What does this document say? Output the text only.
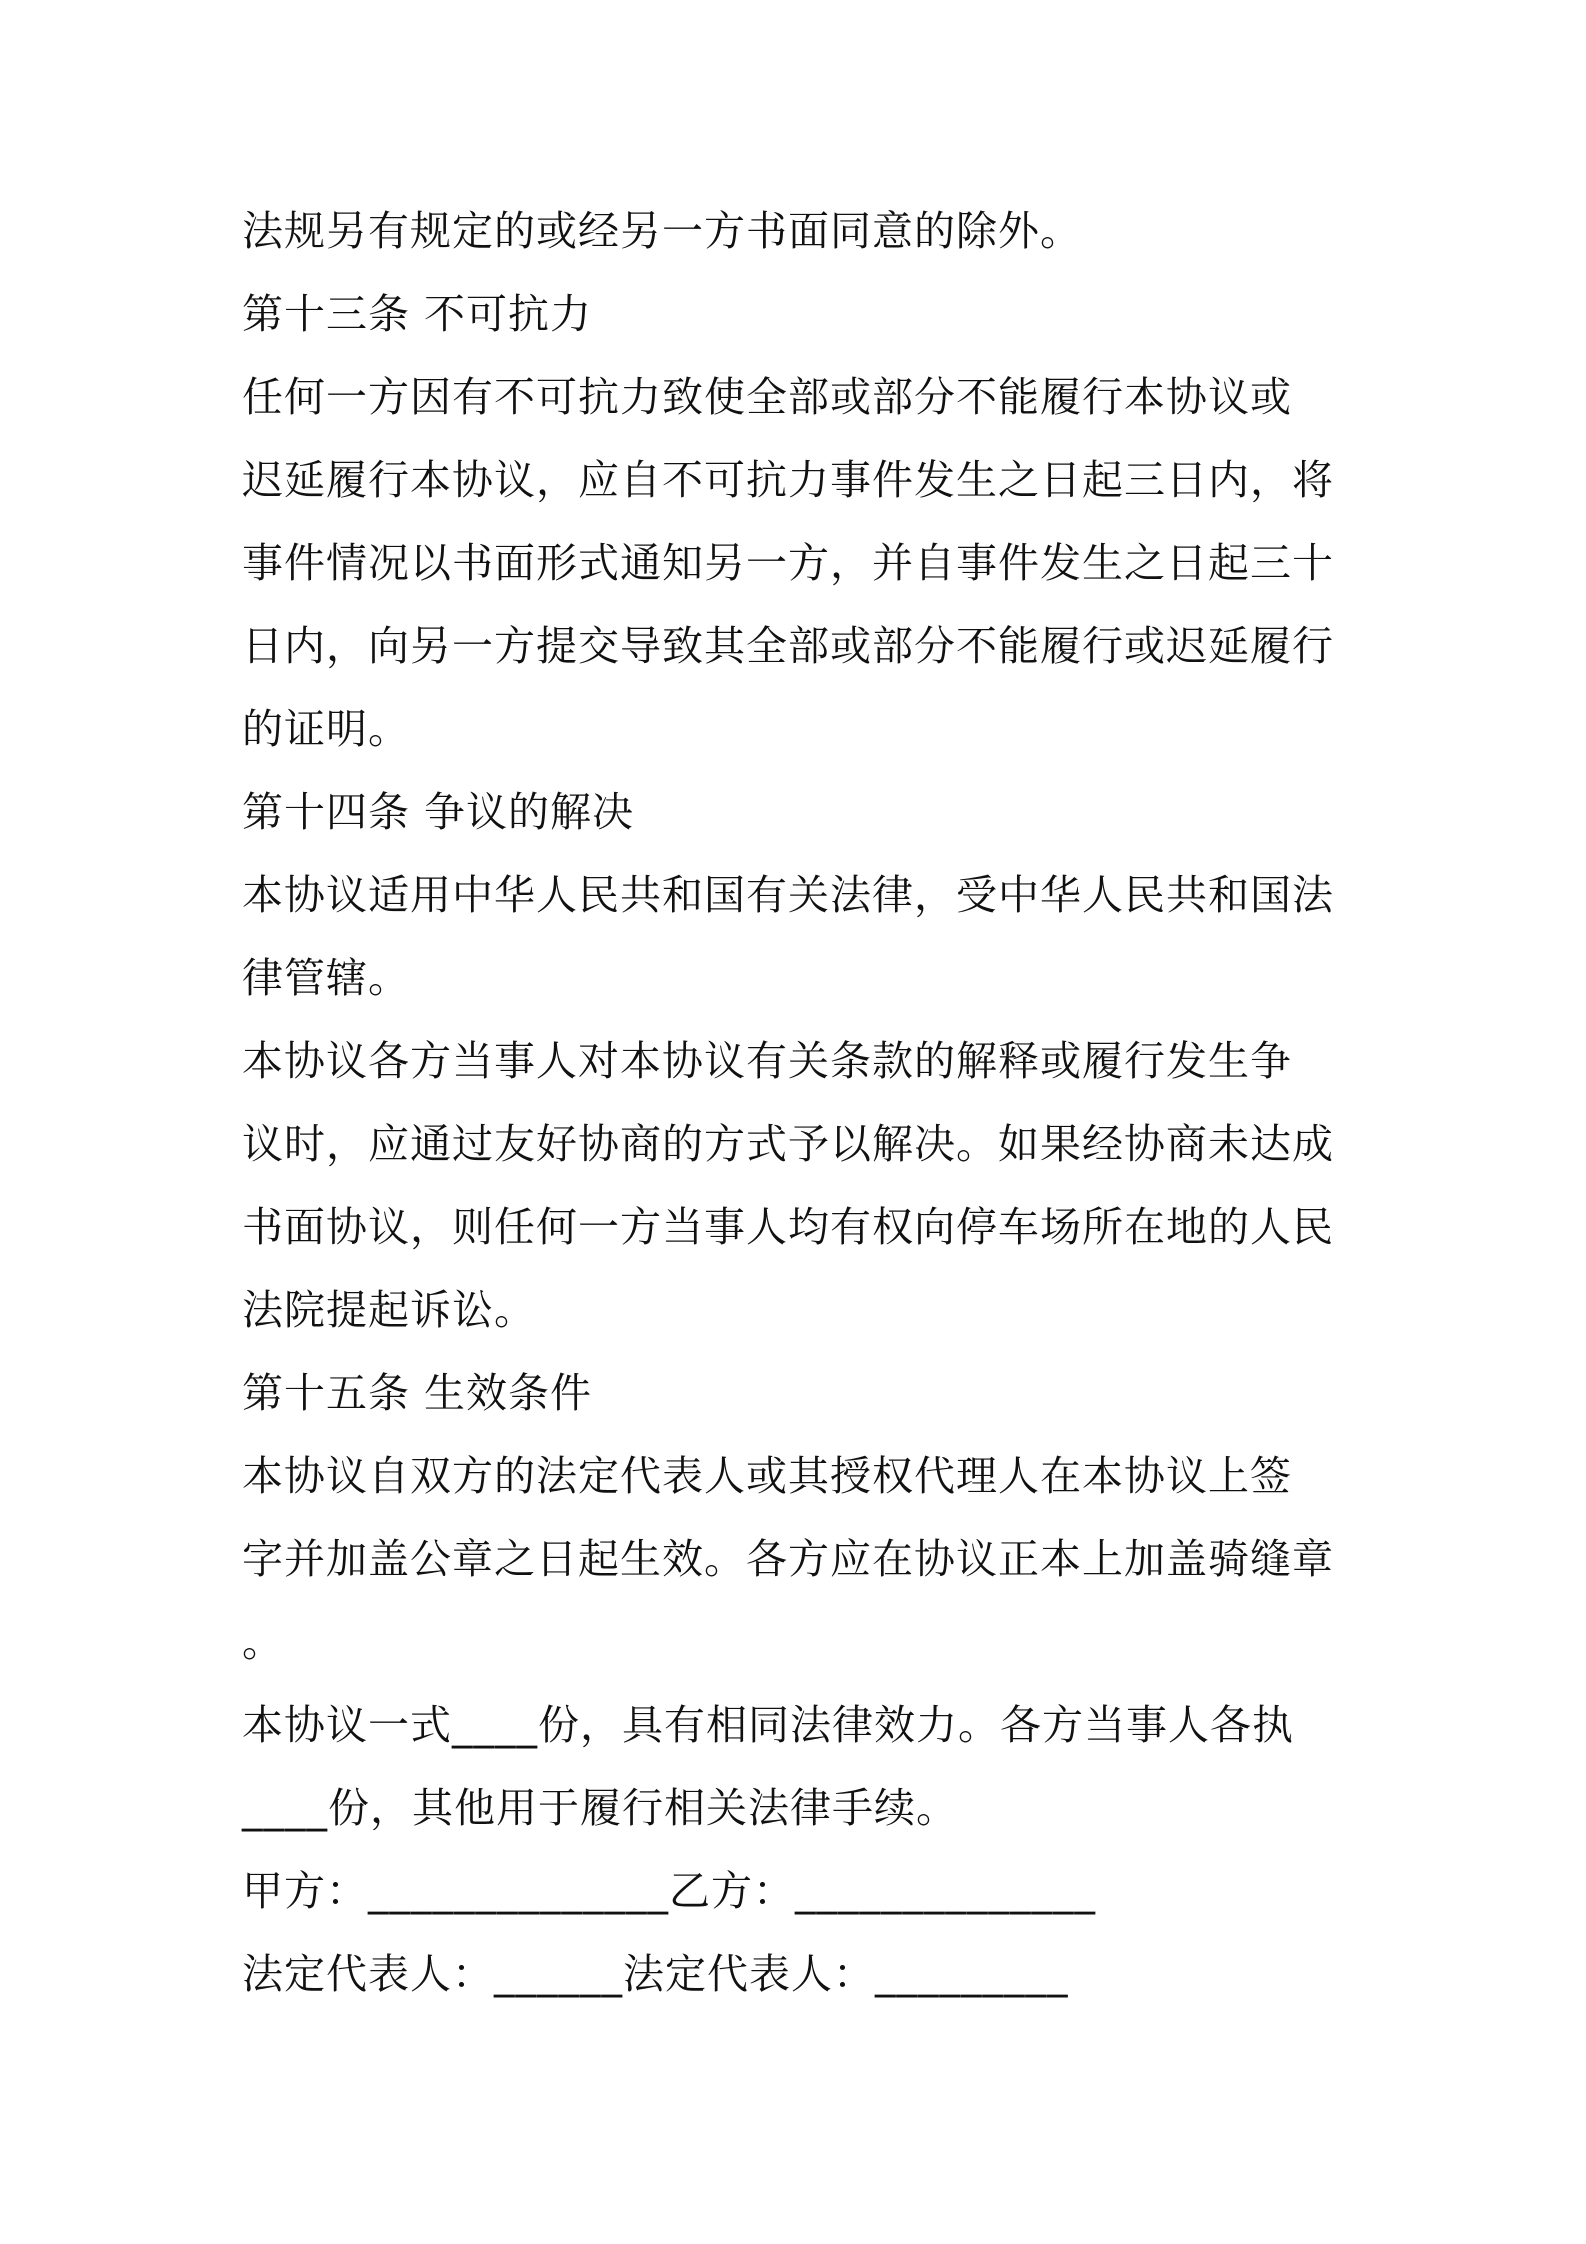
法规另有规定的或经另一方书面同意的除外。
第十三条 不可抗力
任何一方因有不可抗力致使全部或部分不能履行本协议或
迟延履行本协议，应自不可抗力事件发生之日起三日内，将
事件情况以书面形式通知另一方，并自事件发生之日起三十
日内，向另一方提交导致其全部或部分不能履行或迟延履行
的证明。
第十四条 争议的解决
本协议适用中华人民共和国有关法律，受中华人民共和国法
律管辖。
本协议各方当事人对本协议有关条款的解释或履行发生争
议时，应通过友好协商的方式予以解决。如果经协商未达成
书面协议，则任何一方当事人均有权向停车场所在地的人民
法院提起诉讼。
第十五条 生效条件
本协议自双方的法定代表人或其授权代理人在本协议上签
字并加盖公章之日起生效。各方应在协议正本上加盖骑缝章
。
本协议一式____份，具有相同法律效力。各方当事人各执
____份，其他用于履行相关法律手续。
甲方：______________乙方：______________
法定代表人：______法定代表人：_________
